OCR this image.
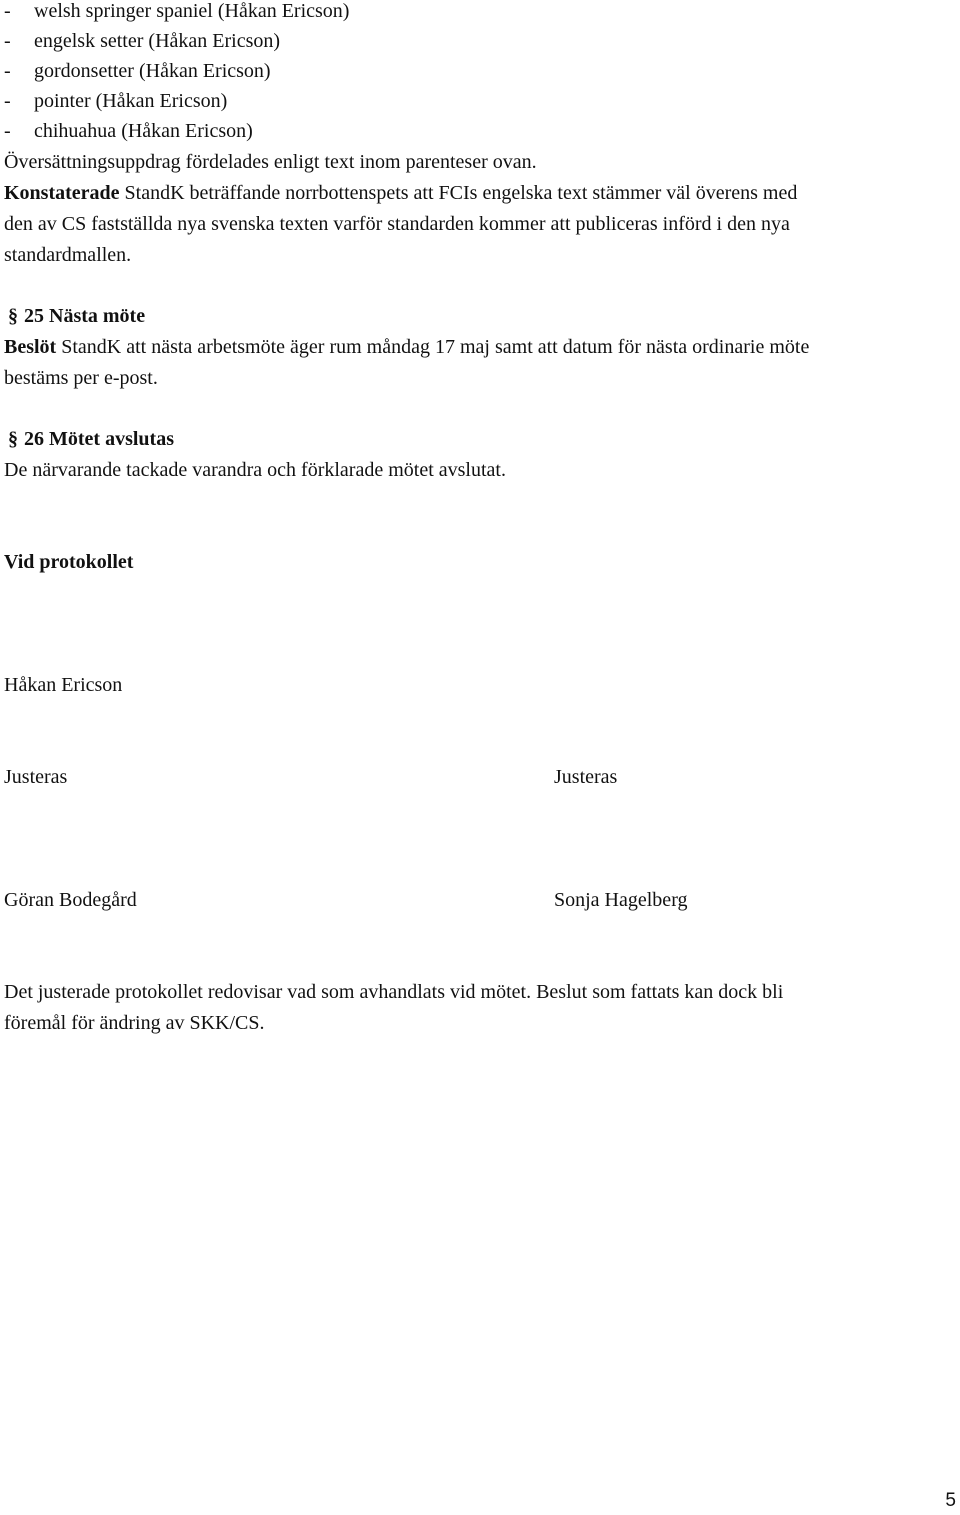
- welsh springer spaniel (Håkan Ericson)
- engelsk setter (Håkan Ericson)
- gordonsetter (Håkan Ericson)
- pointer (Håkan Ericson)
- chihuahua (Håkan Ericson)
Översättningsuppdrag fördelades enligt text inom parenteser ovan.
Konstaterade StandK beträffande norrbottenspets att FCIs engelska text stämmer väl överens med
den av CS fastställda nya svenska texten varför standarden kommer att publiceras införd i den nya
standardmallen.
§ 25 Nästa möte
Beslöt StandK att nästa arbetsmöte äger rum måndag 17 maj samt att datum för nästa ordinarie möte
bestäms per e-post.
§ 26 Mötet avslutas
De närvarande tackade varandra och förklarade mötet avslutat.
Vid protokollet
Håkan Ericson
Justeras	Justeras
Göran Bodegård	Sonja Hagelberg
Det justerade protokollet redovisar vad som avhandlats vid mötet. Beslut som fattats kan dock bli
föremål för ändring av SKK/CS.
5
